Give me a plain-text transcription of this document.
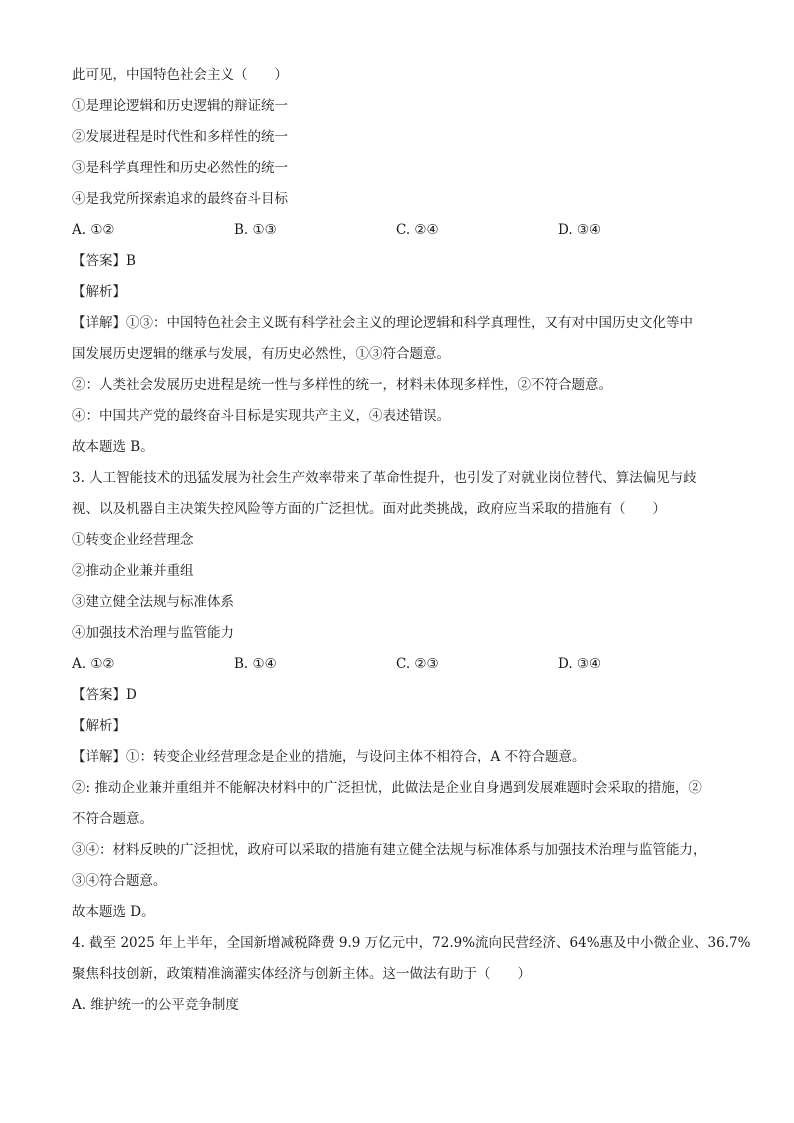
此可见，中国特色社会主义（　　）
①是理论逻辑和历史逻辑的辩证统一
②发展进程是时代性和多样性的统一
③是科学真理性和历史必然性的统一
④是我党所探索追求的最终奋斗目标
A. ①②	B. ①③	C. ②④	D. ③④
【答案】B
【解析】
【详解】①③：中国特色社会主义既有科学社会主义的理论逻辑和科学真理性，又有对中国历史文化等中
国发展历史逻辑的继承与发展，有历史必然性，①③符合题意。
②：人类社会发展历史进程是统一性与多样性的统一，材料未体现多样性，②不符合题意。
④：中国共产党的最终奋斗目标是实现共产主义，④表述错误。
故本题选 B。
3. 人工智能技术的迅猛发展为社会生产效率带来了革命性提升，也引发了对就业岗位替代、算法偏见与歧
视、以及机器自主决策失控风险等方面的广泛担忧。面对此类挑战，政府应当采取的措施有（　　）
①转变企业经营理念
②推动企业兼并重组
③建立健全法规与标准体系
④加强技术治理与监管能力
A. ①②	B. ①④	C. ②③	D. ③④
【答案】D
【解析】
【详解】①：转变企业经营理念是企业的措施，与设问主体不相符合，A 不符合题意。
②: 推动企业兼并重组并不能解决材料中的广泛担忧，此做法是企业自身遇到发展难题时会采取的措施，②
不符合题意。
③④：材料反映的广泛担忧，政府可以采取的措施有建立健全法规与标准体系与加强技术治理与监管能力，
③④符合题意。
故本题选 D。
4. 截至 2025 年上半年，全国新增减税降费 9.9 万亿元中，72.9%流向民营经济、64%惠及中小微企业、36.7%
聚焦科技创新，政策精准滴灌实体经济与创新主体。这一做法有助于（　　）
A. 维护统一的公平竞争制度
